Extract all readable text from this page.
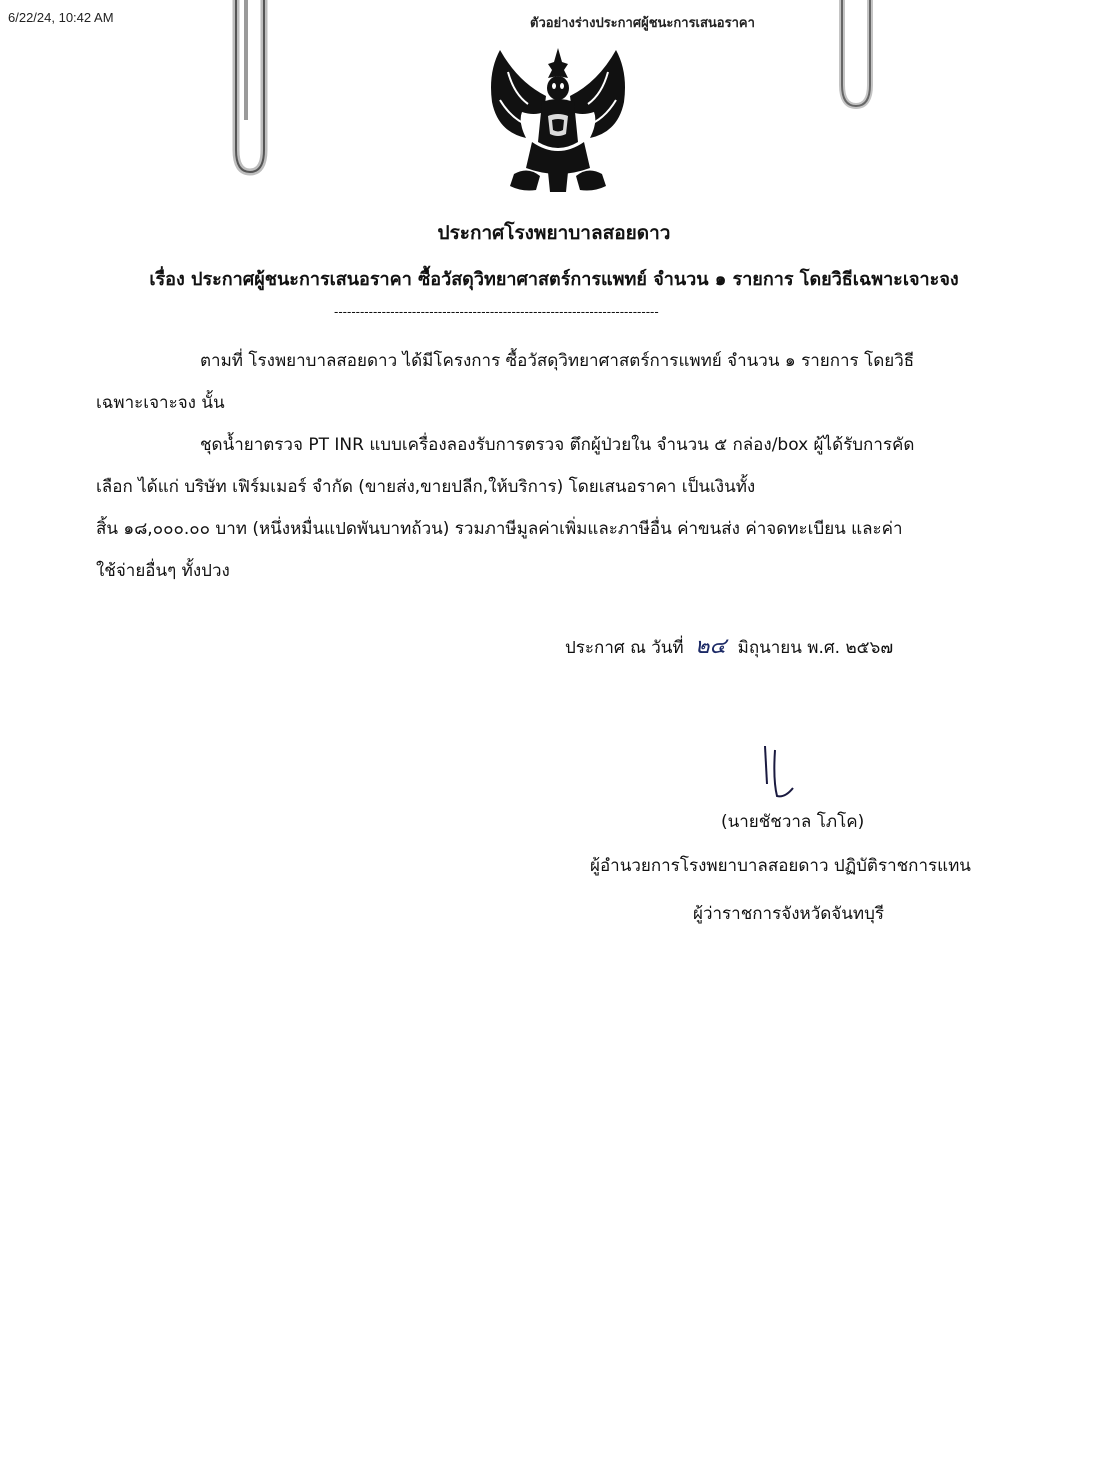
6/22/24, 10:42 AM	ตัวอย่างร่างประกาศผู้ชนะการเสนอราคา
ประกาศโรงพยาบาลสอยดาว
เรื่อง ประกาศผู้ชนะการเสนอราคา ซื้อวัสดุวิทยาศาสตร์การแพทย์ จำนวน ๑ รายการ โดยวิธีเฉพาะเจาะจง
---------------------------------------------------------------------------
ตามที่ โรงพยาบาลสอยดาว ได้มีโครงการ ซื้อวัสดุวิทยาศาสตร์การแพทย์ จำนวน ๑ รายการ โดยวิธี
เฉพาะเจาะจง นั้น
ชุดน้ำยาตรวจ PT INR แบบเครื่องลองรับการตรวจ ตึกผู้ป่วยใน จำนวน ๕ กล่อง/box ผู้ได้รับการคัด
เลือก ได้แก่ บริษัท เฟิร์มเมอร์ จำกัด (ขายส่ง,ขายปลีก,ให้บริการ) โดยเสนอราคา เป็นเงินทั้ง
สิ้น ๑๘,๐๐๐.๐๐ บาท (หนึ่งหมื่นแปดพันบาทถ้วน) รวมภาษีมูลค่าเพิ่มและภาษีอื่น ค่าขนส่ง ค่าจดทะเบียน และค่า
ใช้จ่ายอื่นๆ ทั้งปวง
ประกาศ ณ วันที่ ๒๔ มิถุนายน พ.ศ. ๒๕๖๗
(นายชัชวาล โภโค)
ผู้อำนวยการโรงพยาบาลสอยดาว ปฏิบัติราชการแทน
ผู้ว่าราชการจังหวัดจันทบุรี
